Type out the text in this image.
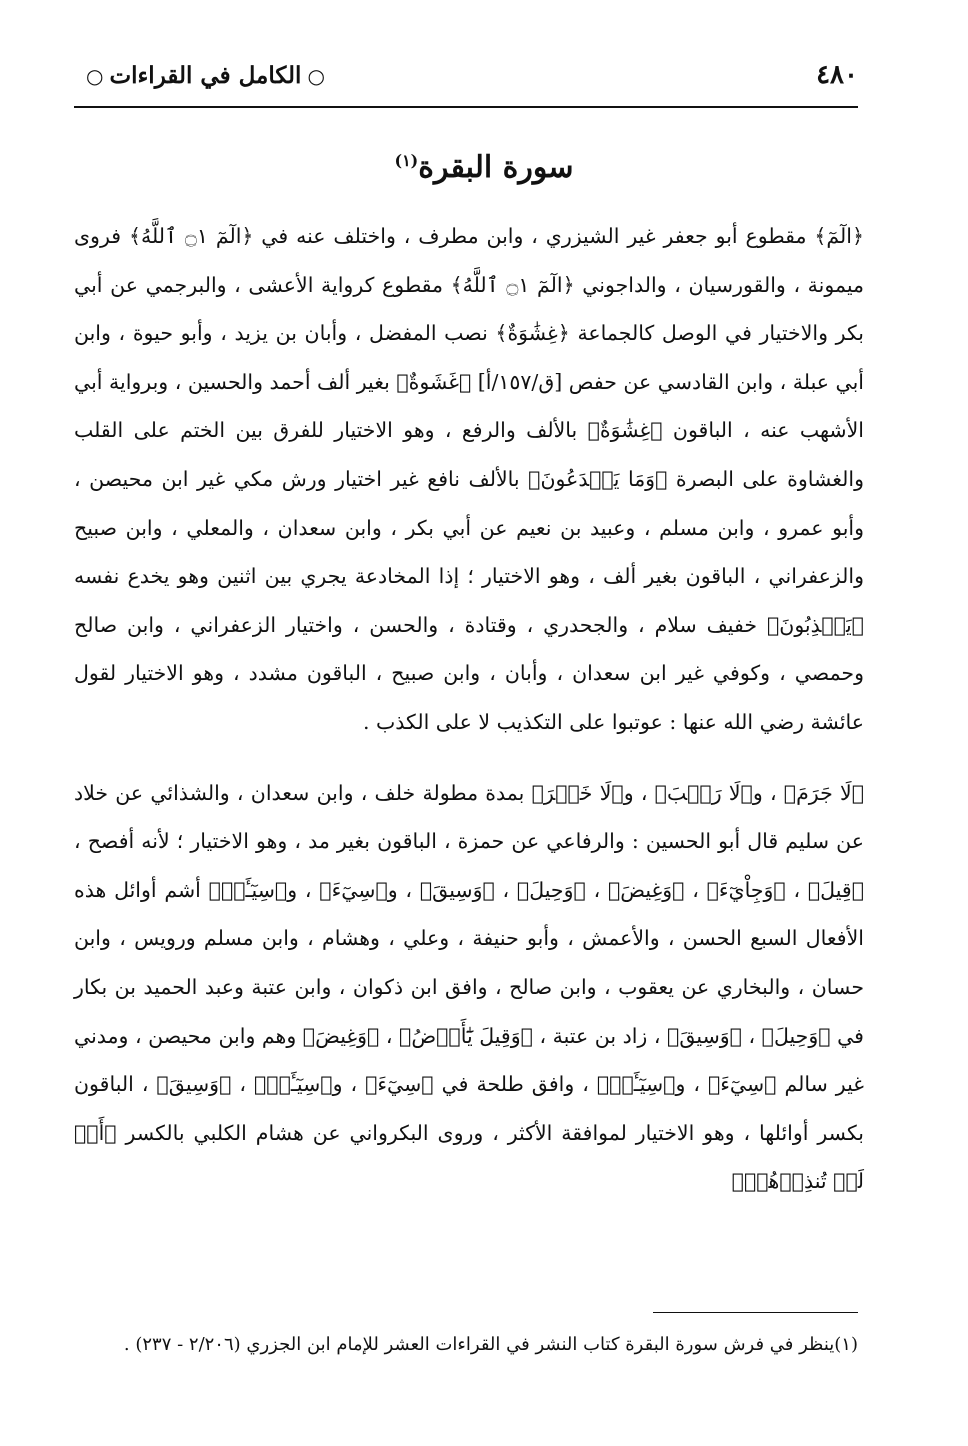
٤٨٠
○الكامل في القراءات○
سورة البقرة$^{(١)}$

﴿الٓمٓ﴾ مقطوع أبو جعفر غير الشيزري ، وابن مطرف ، واختلف عنه في ﴿الٓمٓ ۝١ ٱللَّهُ﴾ فروى ميمونة ، والقورسيان ، والداجوني ﴿الٓمٓ ۝١ ٱللَّهُ﴾ مقطوع كرواية الأعشى ، والبرجمي عن أبي بكر والاختيار في الوصل كالجماعة ﴿غِشَٰوَةٌ﴾ نصب المفضل ، وأبان بن يزيد ، وأبو حيوة ، وابن أبي عبلة ، وابن القادسي عن حفص [ق/١٥٧/أ] ﴿غَشَوةٌ﴾ بغير ألف أحمد والحسين ، وبرواية أبي الأشهب عنه ، الباقون ﴿غِشَٰوَةٌ﴾ بالألف والرفع ، وهو الاختيار للفرق بين الختم على القلب والغشاوة على البصرة ﴿وَمَا يَخۡدَعُونَ﴾ بالألف نافع غير اختيار ورش مكي غير ابن محيصن ، وأبو عمرو ، وابن مسلم ، وعبيد بن نعيم عن أبي بكر ، وابن سعدان ، والمعلي ، وابن صبيح والزعفراني ، الباقون بغير ألف ، وهو الاختيار ؛ إذا المخادعة يجري بين اثنين وهو يخدع نفسه ﴿يَكۡذِبُونَ﴾ خفيف سلام ، والجحدري ، وقتادة ، والحسن ، واختيار الزعفراني ، وابن صالح وحمصي ، وكوفي غير ابن سعدان ، وأبان ، وابن صبيح ، الباقون مشدد ، وهو الاختيار لقول عائشة رضي الله عنها : عوتبوا على التكذيب لا على الكذب .

﴿لَا جَرَمَ﴾ ، و﴿لَا رَيۡبَ﴾ ، و﴿لَا خَيۡرَ﴾ بمدة مطولة خلف ، وابن سعدان ، والشذائي عن خلاد عن سليم قال أبو الحسين : والرفاعي عن حمزة ، الباقون بغير مد ، وهو الاختيار ؛ لأنه أفصح ، ﴿قِيلَ﴾ ، ﴿وَجِاْيٓءَ﴾ ، ﴿وَغِيضَ﴾ ، ﴿وَحِيلَ﴾ ، ﴿وَسِيقَ﴾ ، و﴿سِيٓءَ﴾ ، و﴿سِيٓـَٔتۡ﴾ أشم أوائل هذه الأفعال السبع الحسن ، والأعمش ، وأبو حنيفة ، وعلي ، وهشام ، وابن مسلم ورويس ، وابن حسان ، والبخاري عن يعقوب ، وابن صالح ، وافق ابن ذكوان ، وابن عتبة وعبد الحميد بن بكار في ﴿وَحِيلَ﴾ ، ﴿وَسِيقَ﴾ ، زاد بن عتبة ، ﴿وَقِيلَ يَٰٓأَرۡضُ﴾ ، ﴿وَغِيضَ﴾ وهم وابن محيصن ، ومدني غير سالم ﴿سِيٓءَ﴾ ، و﴿سِيٓـَٔتۡ﴾ ، وافق طلحة في ﴿سِيٓءَ﴾ ، و﴿سِيٓـَٔتۡ﴾ ، ﴿وَسِيقَ﴾ ، الباقون بكسر أوائلها ، وهو الاختيار لموافقة الأكثر ، وروى البكرواني عن هشام الكلبي بالكسر ﴿أَمۡ لَمۡ تُنذِرۡهُمۡ﴾

(١)ينظر في فرش سورة البقرة كتاب النشر في القراءات العشر للإمام ابن الجزري (٢/٢٠٦ - ٢٣٧) .
